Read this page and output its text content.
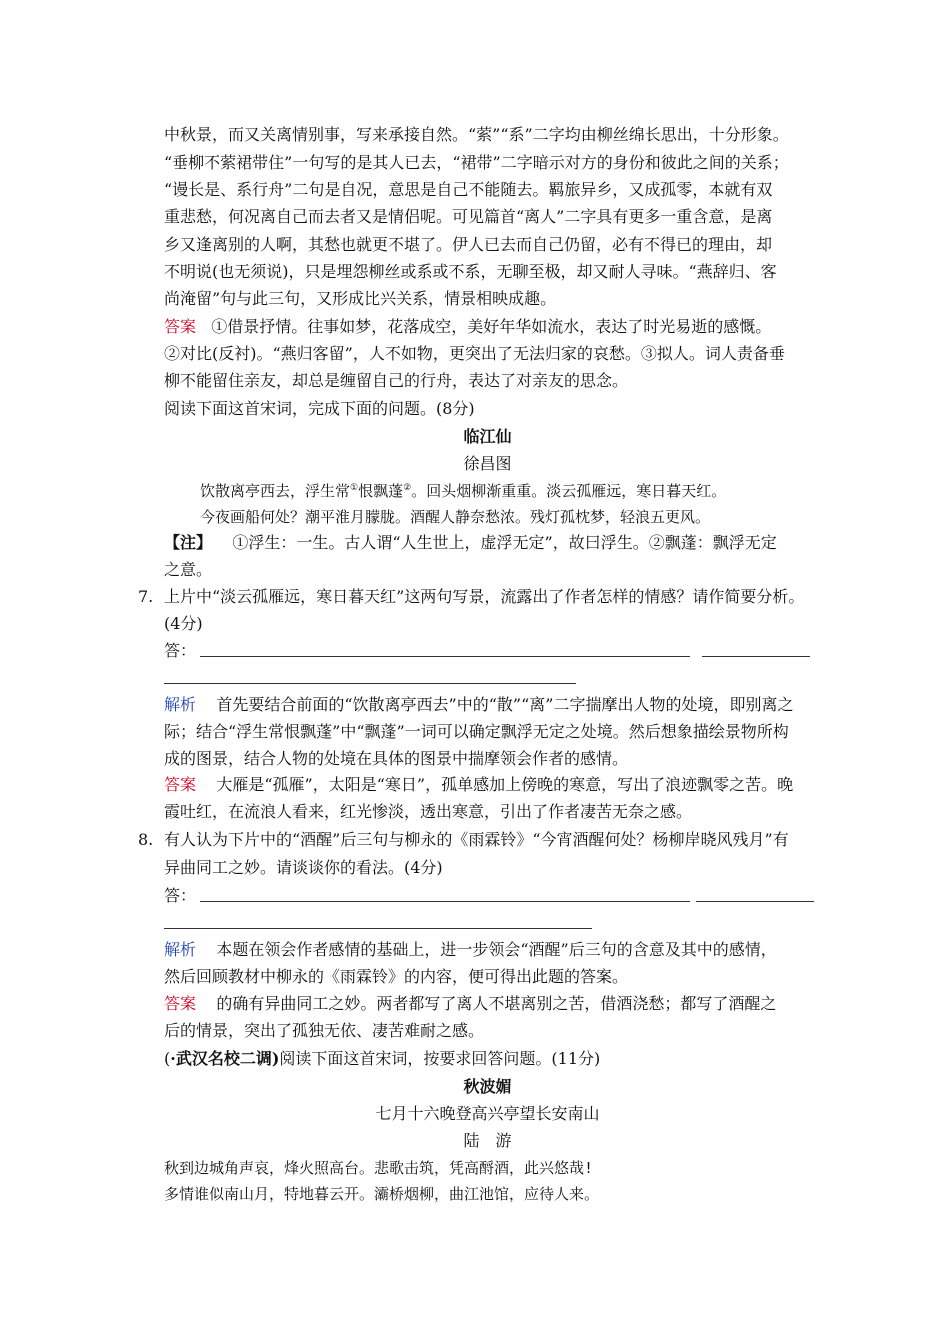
中秋景，而又关离情别事，写来承接自然。“萦”“系”二字均由柳丝绵长思出，十分形象。
“垂柳不萦裙带住”一句写的是其人已去，“裙带”二字暗示对方的身份和彼此之间的关系；
“谩长是、系行舟”二句是自况，意思是自己不能随去。羁旅异乡，又成孤零，本就有双
重悲愁，何况离自己而去者又是情侣呢。可见篇首“离人”二字具有更多一重含意，是离
乡又逢离别的人啊，其愁也就更不堪了。伊人已去而自己仍留，必有不得已的理由，却
不明说(也无须说)，只是埋怨柳丝或系或不系，无聊至极，却又耐人寻味。“燕辞归、客
尚淹留”句与此三句，又形成比兴关系，情景相映成趣。
答案 ①借景抒情。往事如梦，花落成空，美好年华如流水，表达了时光易逝的感慨。
②对比(反衬)。“燕归客留”，人不如物，更突出了无法归家的哀愁。③拟人。词人责备垂
柳不能留住亲友，却总是缠留自己的行舟，表达了对亲友的思念。
阅读下面这首宋词，完成下面的问题。(8分)
临江仙
徐昌图
饮散离亭西去，浮生常①恨飘蓬②。回头烟柳渐重重。淡云孤雁远，寒日暮天红。
今夜画船何处？潮平淮月朦胧。酒醒人静奈愁浓。残灯孤枕梦，轻浪五更风。
【注】 ①浮生：一生。古人谓“人生世上，虚浮无定”，故曰浮生。②飘蓬：飘浮无定
之意。
7. 上片中“淡云孤雁远，寒日暮天红”这两句写景，流露出了作者怎样的情感？请作简要分析。
(4分)
答：
解析 首先要结合前面的“饮散离亭西去”中的“散”“离”二字揣摩出人物的处境，即别离之
际；结合“浮生常恨飘蓬”中“飘蓬”一词可以确定飘浮无定之处境。然后想象描绘景物所构
成的图景，结合人物的处境在具体的图景中揣摩领会作者的感情。
答案 大雁是“孤雁”，太阳是“寒日”，孤单感加上傍晚的寒意，写出了浪迹飘零之苦。晚
霞吐红，在流浪人看来，红光惨淡，透出寒意，引出了作者凄苦无奈之感。
8. 有人认为下片中的“酒醒”后三句与柳永的《雨霖铃》“今宵酒醒何处？杨柳岸晓风残月”有
异曲同工之妙。请谈谈你的看法。(4分)
答：
解析 本题在领会作者感情的基础上，进一步领会“酒醒”后三句的含意及其中的感情，
然后回顾教材中柳永的《雨霖铃》的内容，便可得出此题的答案。
答案 的确有异曲同工之妙。两者都写了离人不堪离别之苦，借酒浇愁；都写了酒醒之
后的情景，突出了孤独无依、凄苦难耐之感。
(·武汉名校二调)阅读下面这首宋词，按要求回答问题。(11分)
秋波媚
七月十六晚登高兴亭望长安南山
陆　游
秋到边城角声哀，烽火照高台。悲歌击筑，凭高酹酒，此兴悠哉!
多情谁似南山月，特地暮云开。灞桥烟柳，曲江池馆，应待人来。
